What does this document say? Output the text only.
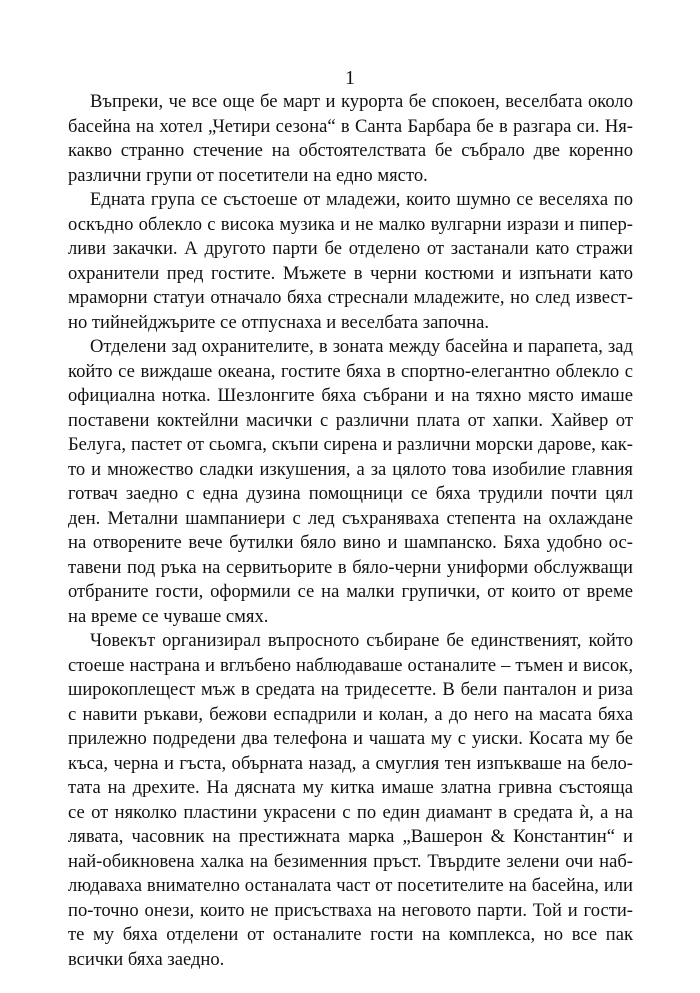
1
Въпреки, че все още бе март и курорта бе спокоен, веселбата около
басейна на хотел „Четири сезона“ в Санта Барбара бе в разгара си. Ня-
какво странно стечение на обстоятелствата бе събрало две коренно
различни групи от посетители на едно място.
Едната група се състоеше от младежи, които шумно се веселяха по
оскъдно облекло с висока музика и не малко вулгарни изрази и пипер-
ливи закачки. А другото парти бе отделено от застанали като стражи
охранители пред гостите. Мъжете в черни костюми и изпънати като
мраморни статуи отначало бяха стреснали младежите, но след извест-
но тийнейджърите се отпуснаха и веселбата започна.
Отделени зад охранителите, в зоната между басейна и парапета, зад
който се виждаше океана, гостите бяха в спортно-елегантно облекло с
официална нотка. Шезлонгите бяха събрани и на тяхно място имаше
поставени коктейлни масички с различни плата от хапки. Хайвер от
Белуга, пастет от сьомга, скъпи сирена и различни морски дарове, как-
то и множество сладки изкушения, а за цялото това изобилие главния
готвач заедно с една дузина помощници се бяха трудили почти цял
ден. Метални шампаниери с лед съхраняваха степента на охлаждане
на отворените вече бутилки бяло вино и шампанско. Бяха удобно ос-
тавени под ръка на сервитьорите в бяло-черни униформи обслужващи
отбраните гости, оформили се на малки групички, от които от време
на време се чуваше смях.
Човекът организирал въпросното събиране бе единственият, който
стоеше настрана и вглъбено наблюдаваше останалите – тъмен и висок,
широкоплещест мъж в средата на тридесетте. В бели панталон и риза
с навити ръкави, бежови еспадрили и колан, а до него на масата бяха
прилежно подредени два телефона и чашата му с уиски. Косата му бе
къса, черна и гъста, обърната назад, а смуглия тен изпъкваше на бело-
тата на дрехите. На дясната му китка имаше златна гривна състояща
се от няколко пластини украсени с по един диамант в средата ѝ, а на
лявата, часовник на престижната марка „Вашерон & Константин“ и
най-обикновена халка на безименния пръст. Твърдите зелени очи наб-
людаваха внимателно останалата част от посетителите на басейна, или
по-точно онези, които не присъстваха на неговото парти. Той и гости-
те му бяха отделени от останалите гости на комплекса, но все пак
всички бяха заедно.
